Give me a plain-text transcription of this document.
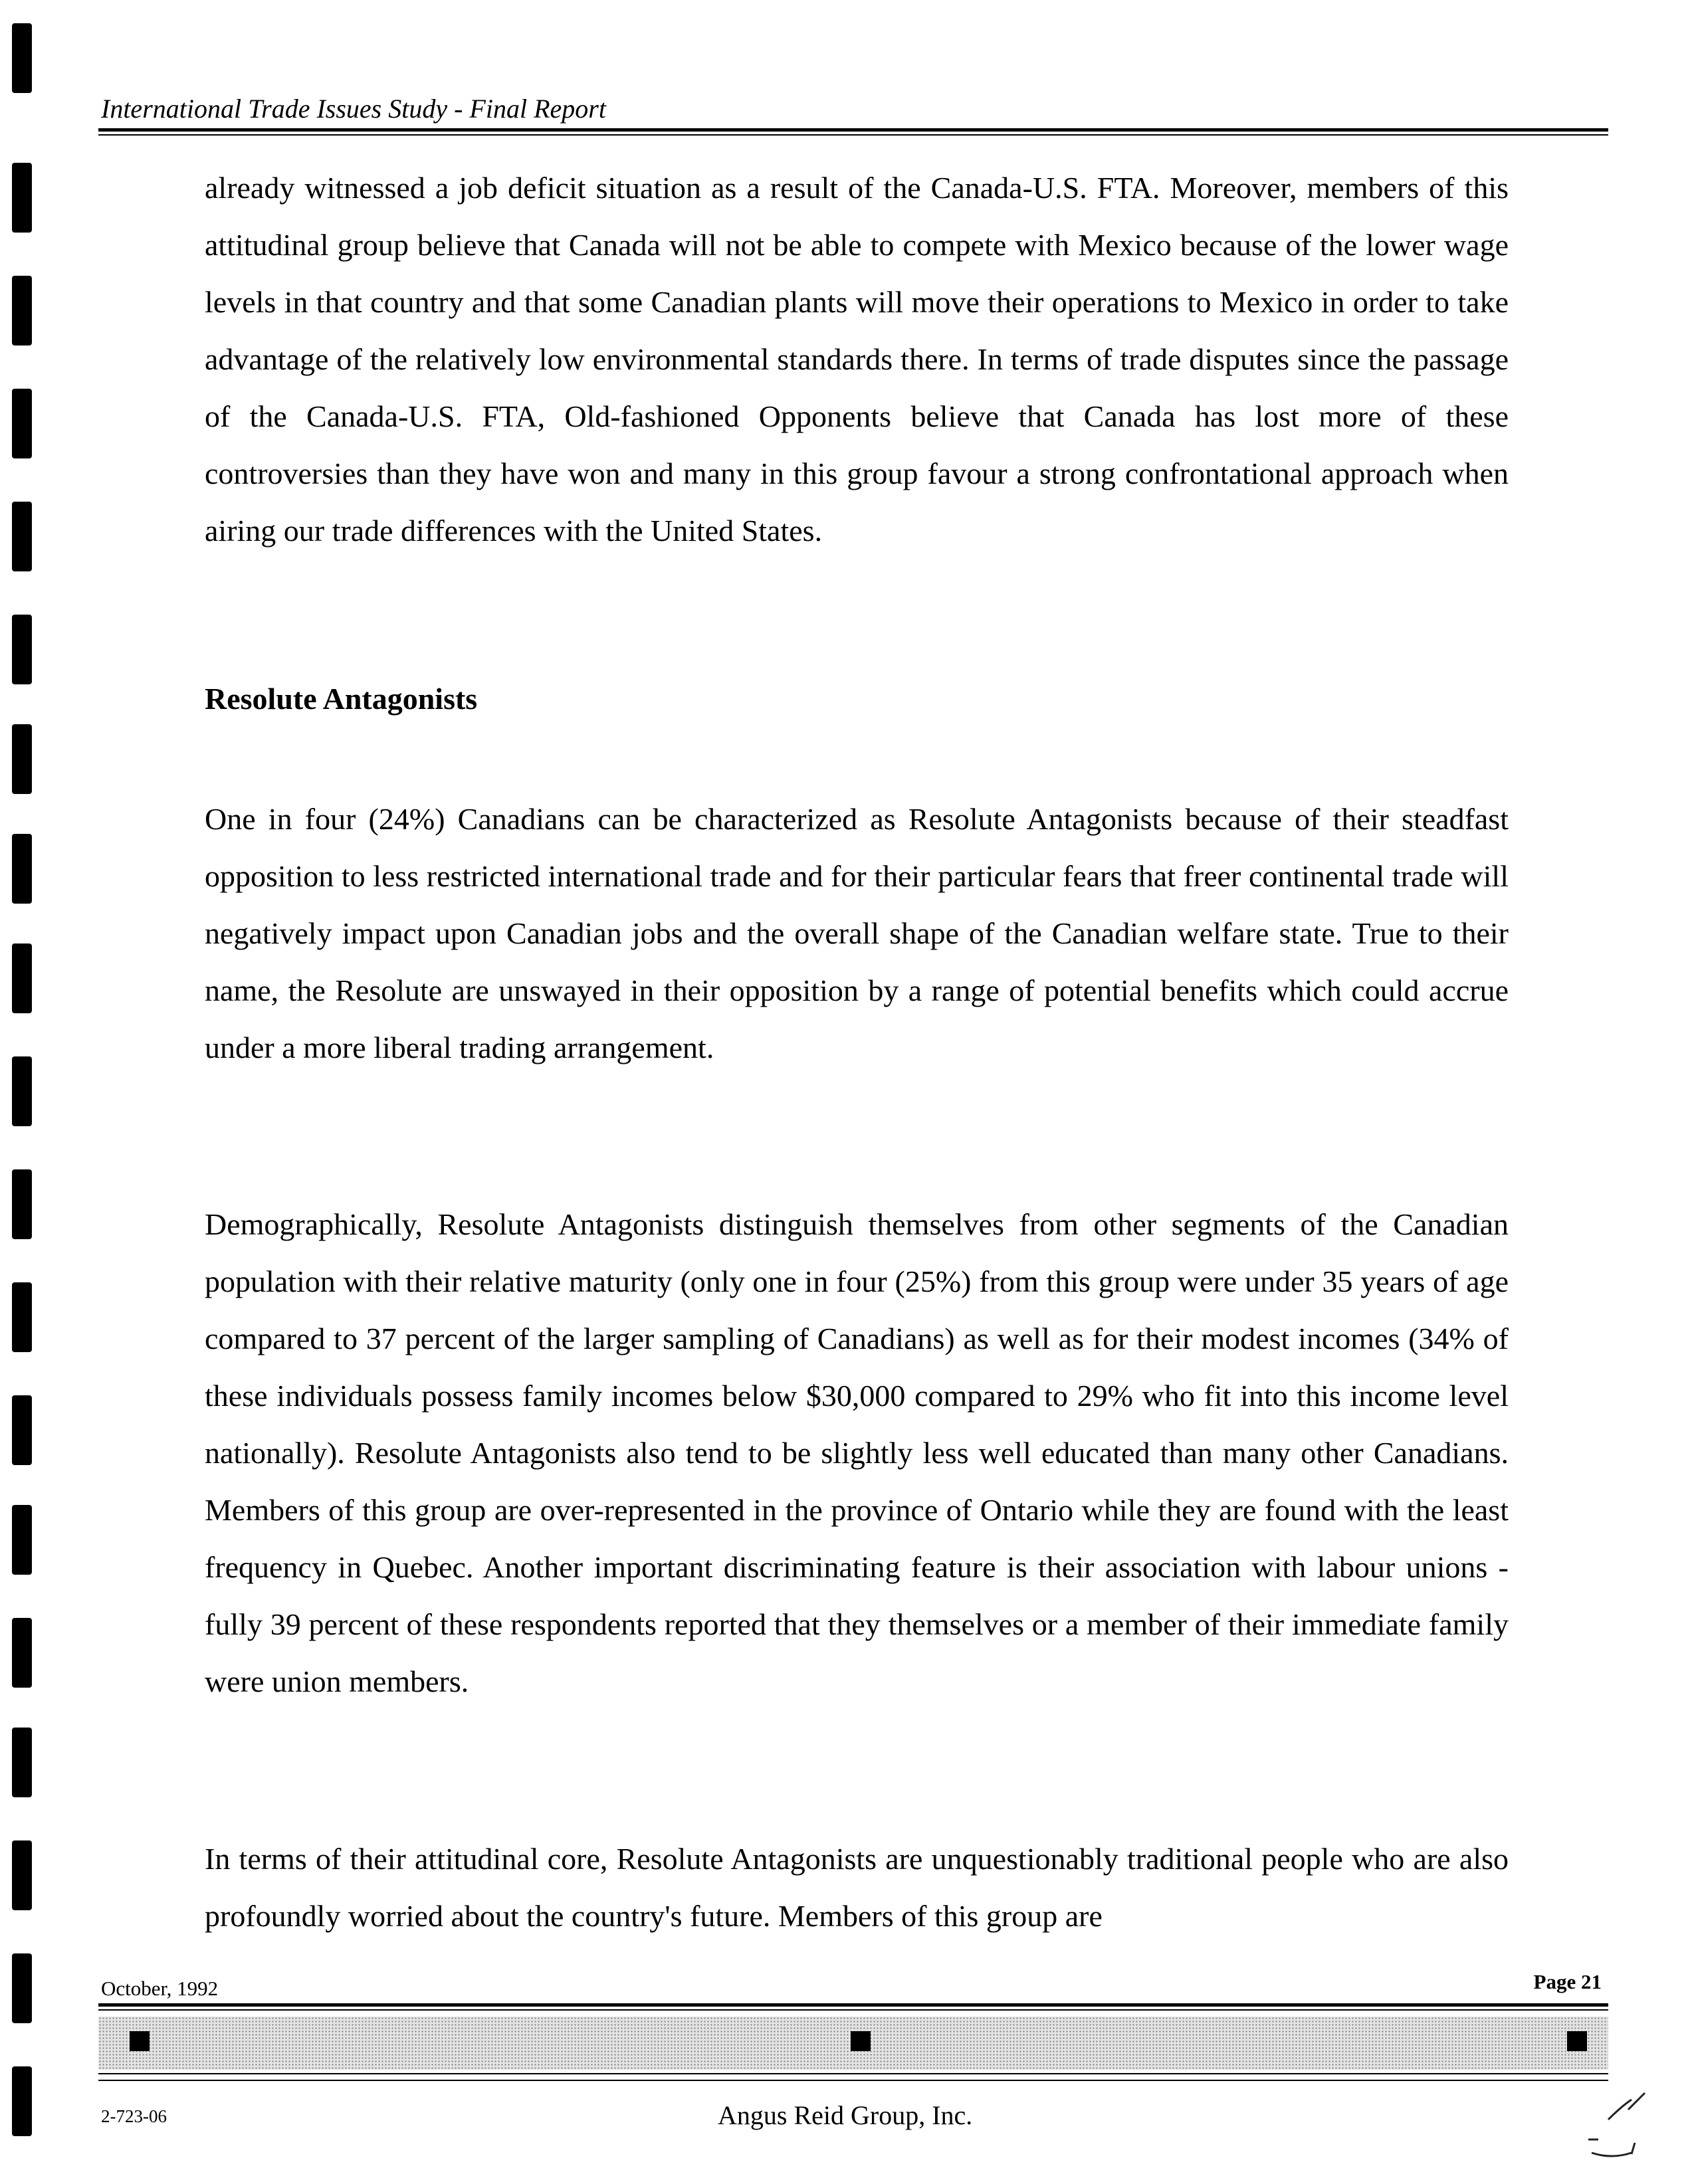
International Trade Issues Study - Final Report

already witnessed a job deficit situation as a result of the Canada-U.S. FTA. Moreover, members of this attitudinal group believe that Canada will not be able to compete with Mexico because of the lower wage levels in that country and that some Canadian plants will move their operations to Mexico in order to take advantage of the relatively low environmental standards there. In terms of trade disputes since the passage of the Canada-U.S. FTA, Old-fashioned Opponents believe that Canada has lost more of these controversies than they have won and many in this group favour a strong confrontational approach when airing our trade differences with the United States.

Resolute Antagonists

One in four (24%) Canadians can be characterized as Resolute Antagonists because of their steadfast opposition to less restricted international trade and for their particular fears that freer continental trade will negatively impact upon Canadian jobs and the overall shape of the Canadian welfare state. True to their name, the Resolute are unswayed in their opposition by a range of potential benefits which could accrue under a more liberal trading arrangement.

Demographically, Resolute Antagonists distinguish themselves from other segments of the Canadian population with their relative maturity (only one in four (25%) from this group were under 35 years of age compared to 37 percent of the larger sampling of Canadians) as well as for their modest incomes (34% of these individuals possess family incomes below $30,000 compared to 29% who fit into this income level nationally). Resolute Antagonists also tend to be slightly less well educated than many other Canadians. Members of this group are over-represented in the province of Ontario while they are found with the least frequency in Quebec. Another important discriminating feature is their association with labour unions - fully 39 percent of these respondents reported that they themselves or a member of their immediate family were union members.

In terms of their attitudinal core, Resolute Antagonists are unquestionably traditional people who are also profoundly worried about the country's future. Members of this group are

October, 1992	Page 21
2-723-06	Angus Reid Group, Inc.
